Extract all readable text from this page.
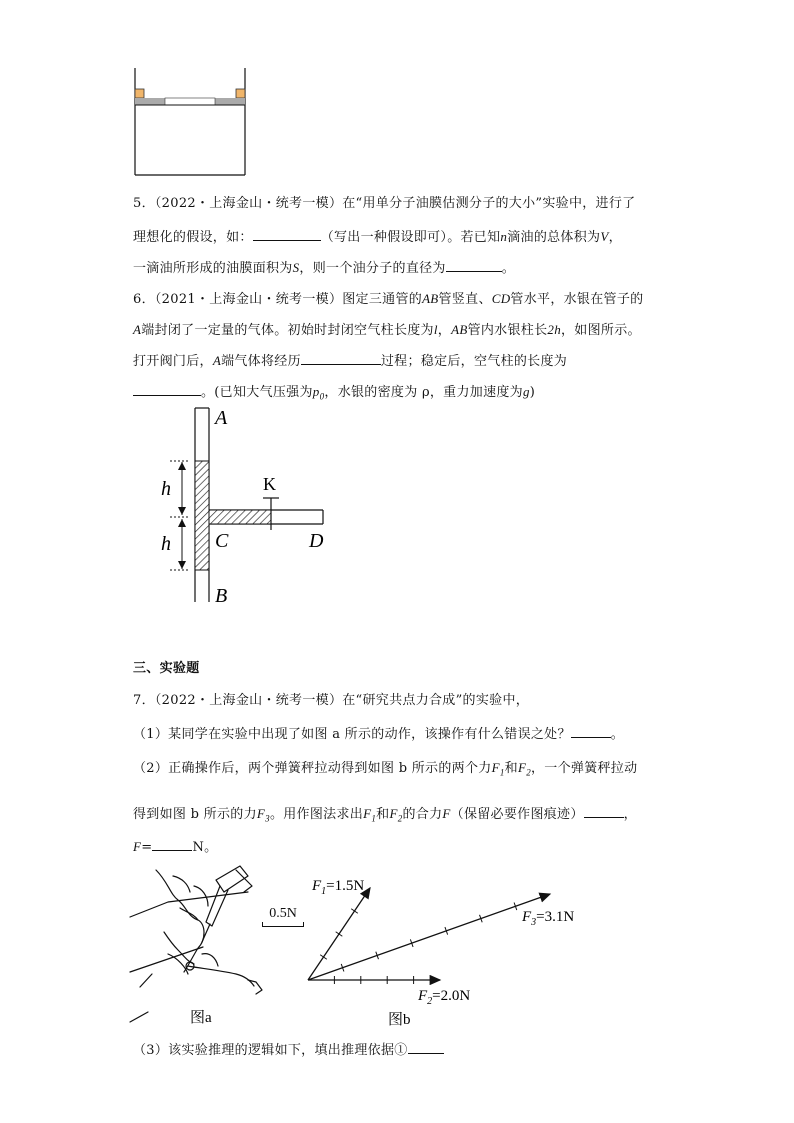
5．（2022・上海金山・统考一模）在“用单分子油膜估测分子的大小”实验中，进行了
理想化的假设，如：	（写出一种假设即可）。若已知n滴油的总体积为V，
一滴油所形成的油膜面积为S，则一个油分子的直径为	。
6．（2021・上海金山・统考一模）图定三通管的AB管竖直、CD管水平，水银在管子的
A端封闭了一定量的气体。初始时封闭空气柱长度为l，AB管内水银柱长2h，如图所示。
打开阀门后，A端气体将经历	过程；稳定后，空气柱的长度为
。(已知大气压强为$p_0$，水银的密度为 ρ，重力加速度为g)
A
B
C	D
K
h
h
三、实验题
7．（2022・上海金山・统考一模）在“研究共点力合成”的实验中，
（1）某同学在实验中出现了如图 a 所示的动作，该操作有什么错误之处？	。
（2）正确操作后，两个弹簧秤拉动得到如图 b 所示的两个力$F_1$和$F_2$，一个弹簧秤拉动
得到如图 b 所示的力$F_3$。用作图法求出$F_1$和$F_2$的合力F（保留必要作图痕迹）	，
F=	N。
图a
0.5N
$F_1=1.5N$
$F_3=3.1N$
$F_2=2.0N$
图b
（3）该实验推理的逻辑如下，填出推理依据①
